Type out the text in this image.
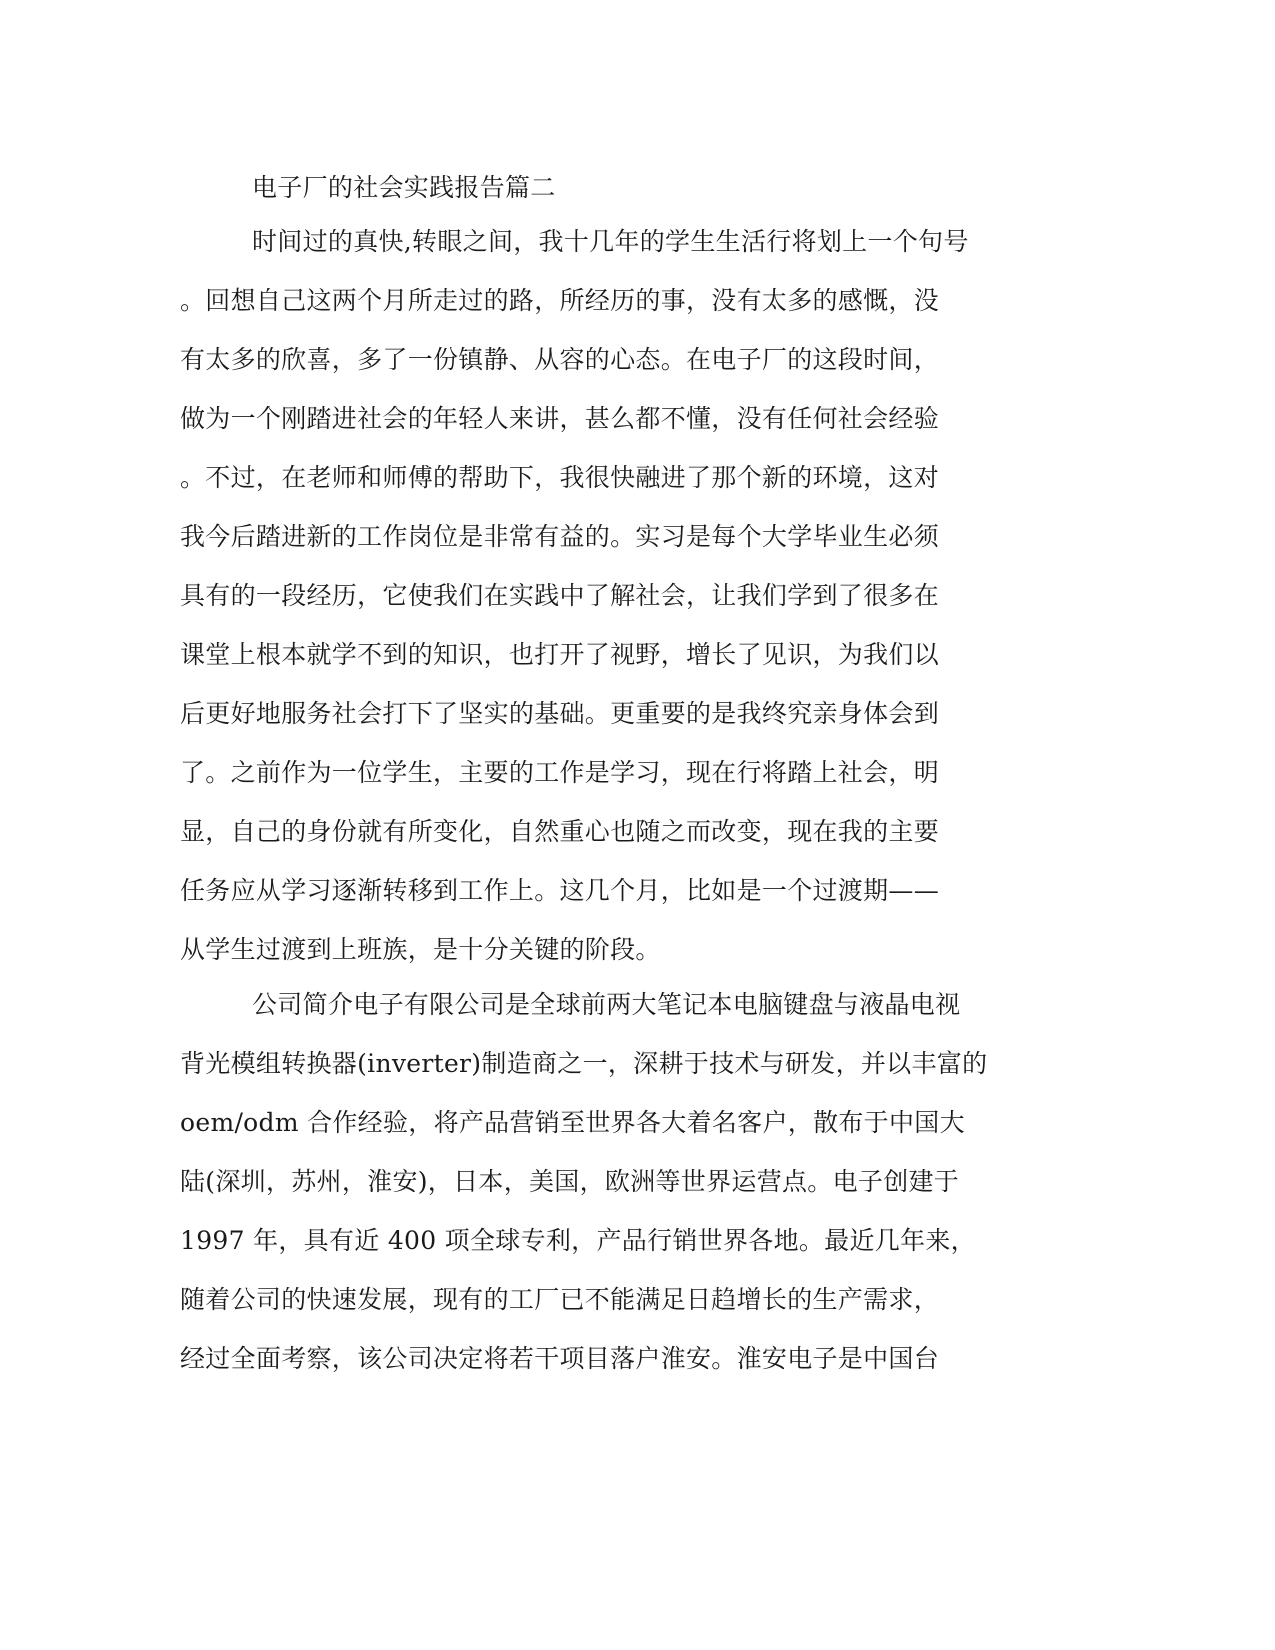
电子厂的社会实践报告篇二
时间过的真快,转眼之间，我十几年的学生生活行将划上一个句号
。回想自己这两个月所走过的路，所经历的事，没有太多的感慨，没
有太多的欣喜，多了一份镇静、从容的心态。在电子厂的这段时间，
做为一个刚踏进社会的年轻人来讲，甚么都不懂，没有任何社会经验
。不过，在老师和师傅的帮助下，我很快融进了那个新的环境，这对
我今后踏进新的工作岗位是非常有益的。实习是每个大学毕业生必须
具有的一段经历，它使我们在实践中了解社会，让我们学到了很多在
课堂上根本就学不到的知识，也打开了视野，增长了见识，为我们以
后更好地服务社会打下了坚实的基础。更重要的是我终究亲身体会到
了。之前作为一位学生，主要的工作是学习，现在行将踏上社会，明
显，自己的身份就有所变化，自然重心也随之而改变，现在我的主要
任务应从学习逐渐转移到工作上。这几个月，比如是一个过渡期——
从学生过渡到上班族，是十分关键的阶段。
公司简介电子有限公司是全球前两大笔记本电脑键盘与液晶电视
背光模组转换器(inverter)制造商之一，深耕于技术与研发，并以丰富的
oem/odm 合作经验，将产品营销至世界各大着名客户，散布于中国大
陆(深圳，苏州，淮安)，日本，美国，欧洲等世界运营点。电子创建于
1997 年，具有近 400 项全球专利，产品行销世界各地。最近几年来，
随着公司的快速发展，现有的工厂已不能满足日趋增长的生产需求，
经过全面考察，该公司决定将若干项目落户淮安。淮安电子是中国台
